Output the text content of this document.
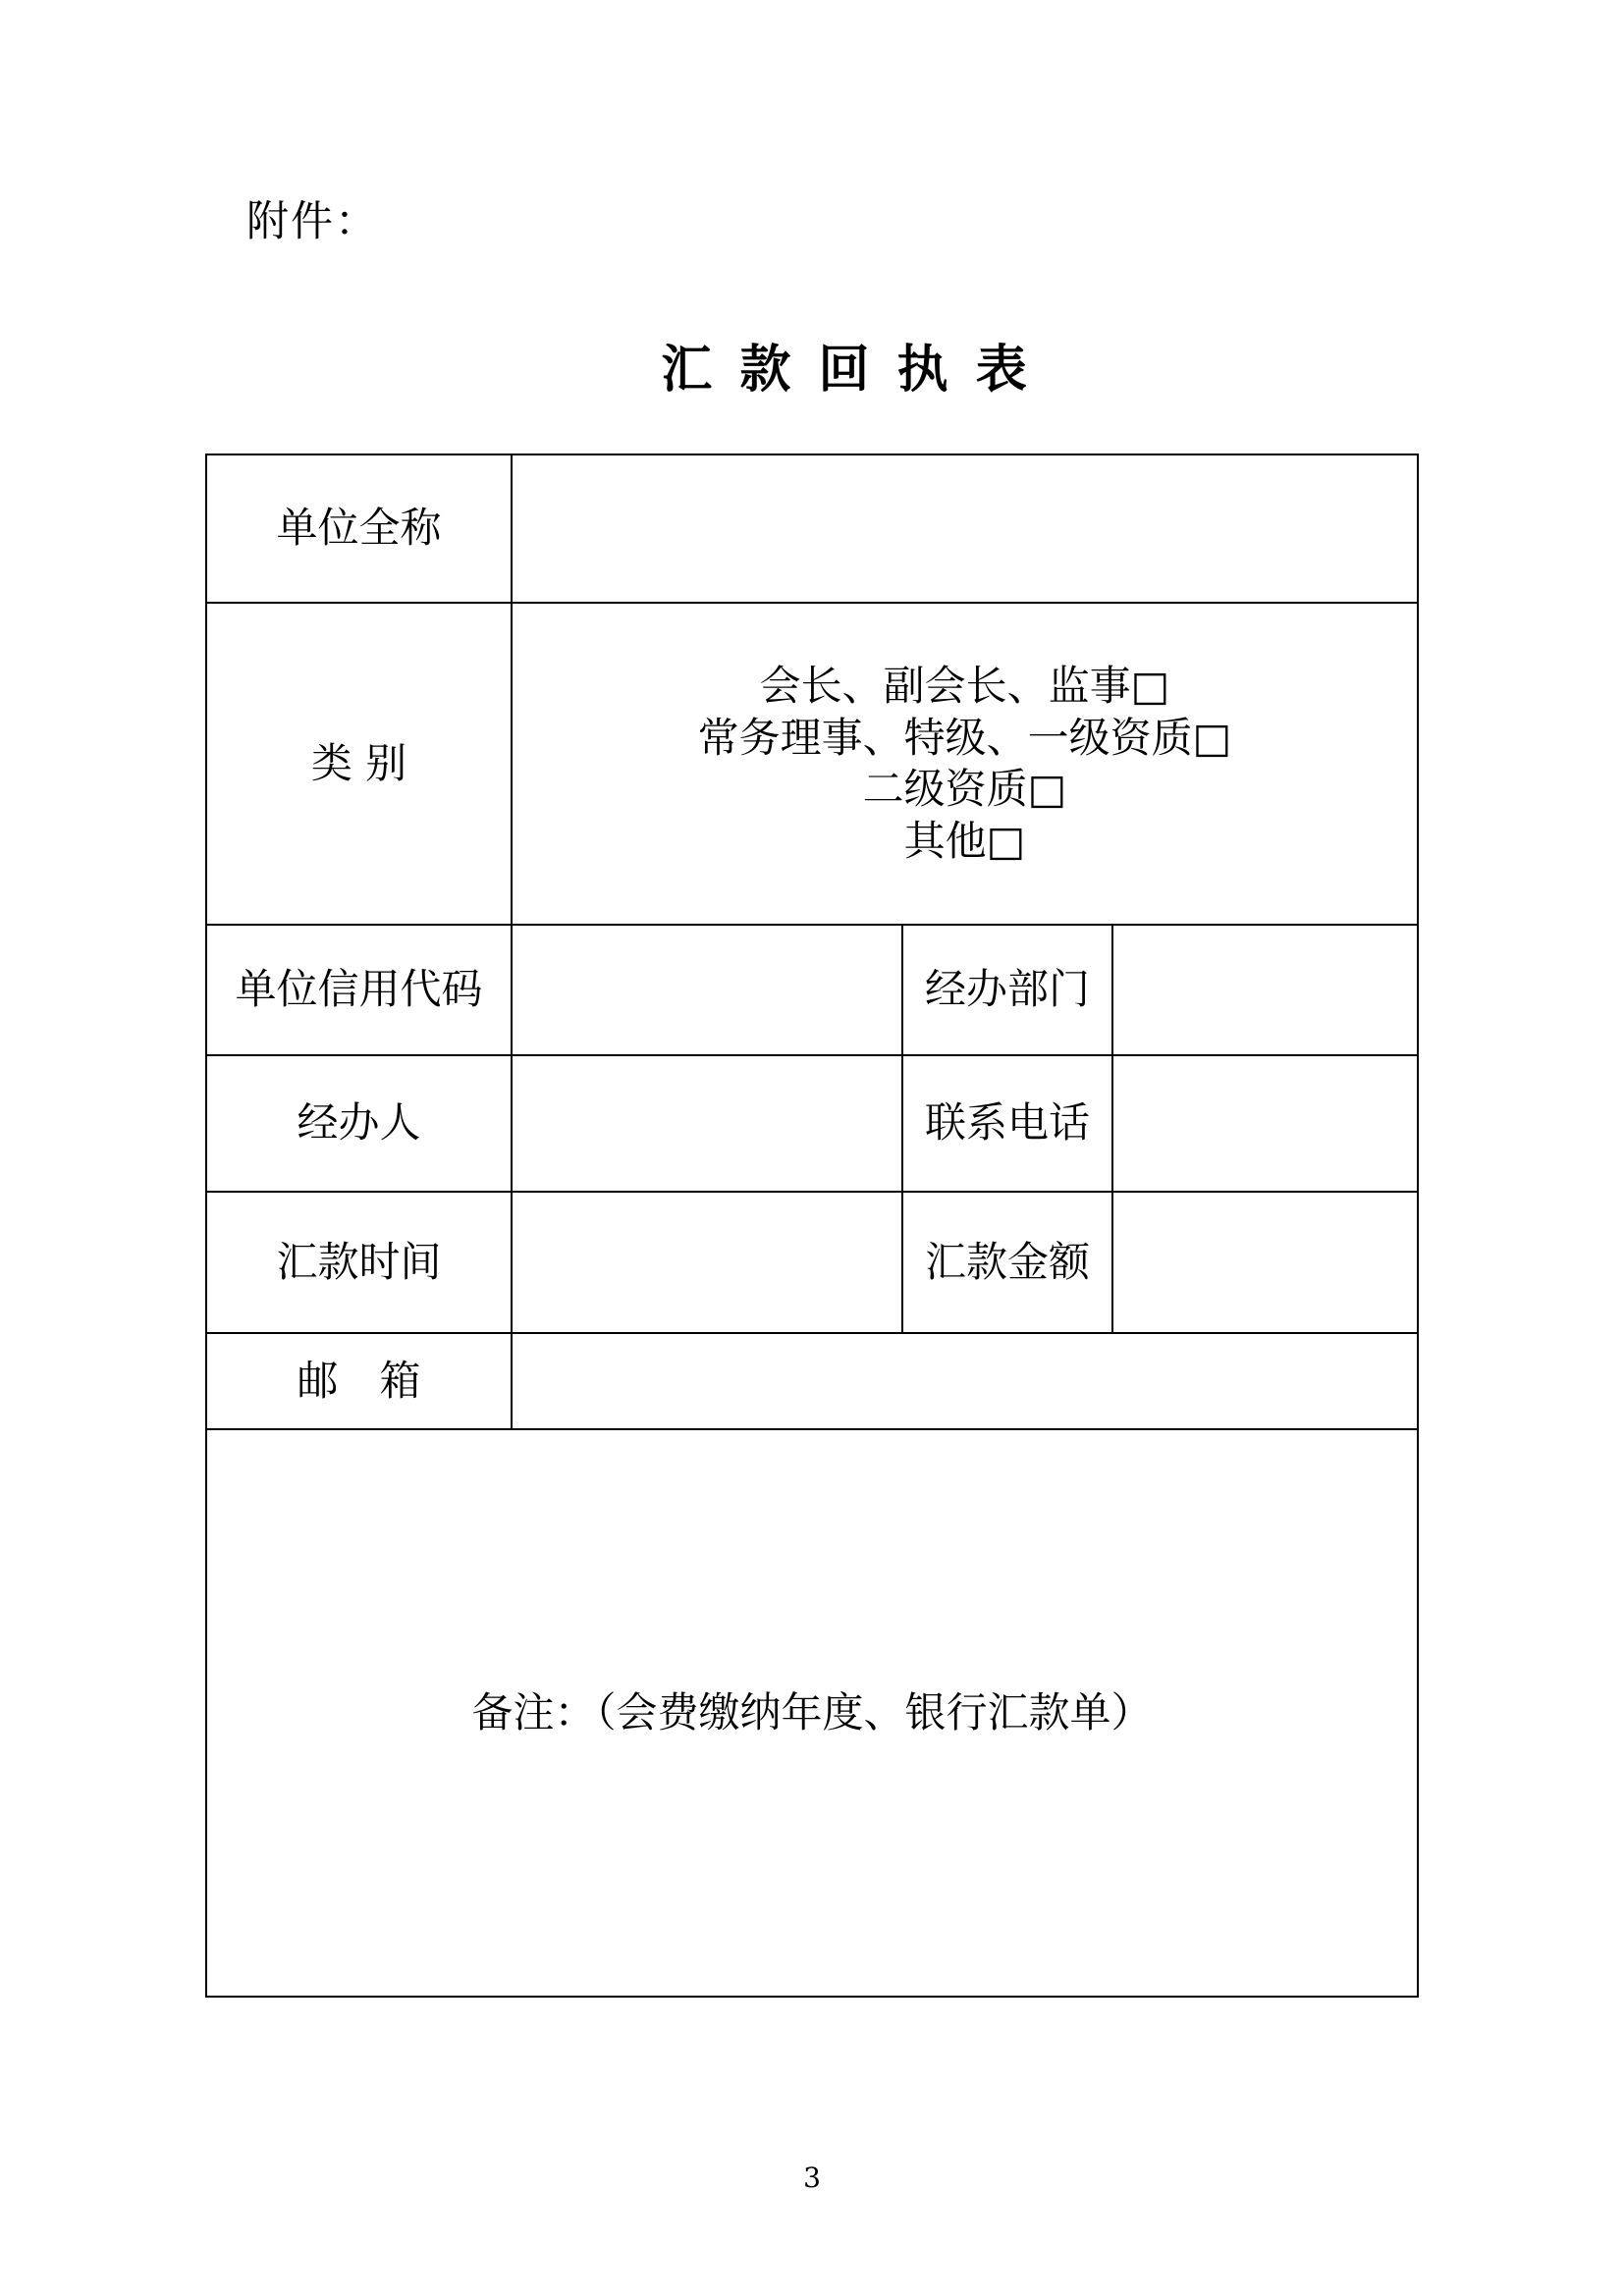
附件：
汇 款 回 执 表
单位全称			
类 别	会长、副会长、监事□
常务理事、特级、一级资质□
二级资质□
其他□		

单位信用代码		经办部门	
经办人		联系电话	
汇款时间		汇款金额	
邮　箱			
备注：（会费缴纳年度、银行汇款单）			
3
